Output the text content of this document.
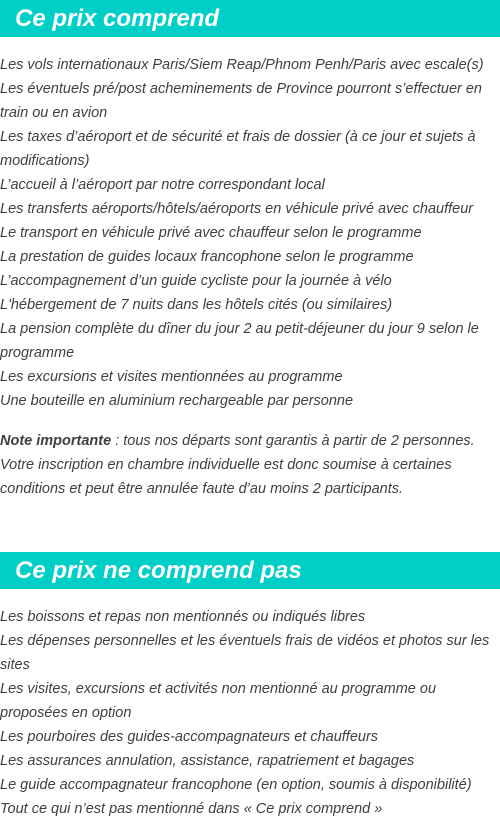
Ce prix comprend
Les vols internationaux Paris/Siem Reap/Phnom Penh/Paris avec escale(s)
Les éventuels pré/post acheminements de Province pourront s’effectuer en train ou en avion
Les taxes d’aéroport et de sécurité et frais de dossier (à ce jour et sujets à modifications)
L’accueil à l’aéroport par notre correspondant local
Les transferts aéroports/hôtels/aéroports en véhicule privé avec chauffeur
Le transport en véhicule privé avec chauffeur selon le programme
La prestation de guides locaux francophone selon le programme
L’accompagnement d’un guide cycliste pour la journée à vélo
L'hébergement de 7 nuits dans les hôtels cités (ou similaires)
La pension complète du dîner du jour 2 au petit-déjeuner du jour 9 selon le programme
Les excursions et visites mentionnées au programme
Une bouteille en aluminium rechargeable par personne

Note importante : tous nos départs sont garantis à partir de 2 personnes. Votre inscription en chambre individuelle est donc soumise à certaines conditions et peut être annulée faute d’au moins 2 participants.

Ce prix ne comprend pas
Les boissons et repas non mentionnés ou indiqués libres
Les dépenses personnelles et les éventuels frais de vidéos et photos sur les sites
Les visites, excursions et activités non mentionné au programme ou proposées en option
Les pourboires des guides-accompagnateurs et chauffeurs
Les assurances annulation, assistance, rapatriement et bagages
Le guide accompagnateur francophone (en option, soumis à disponibilité)
Tout ce qui n’est pas mentionné dans « Ce prix comprend »
